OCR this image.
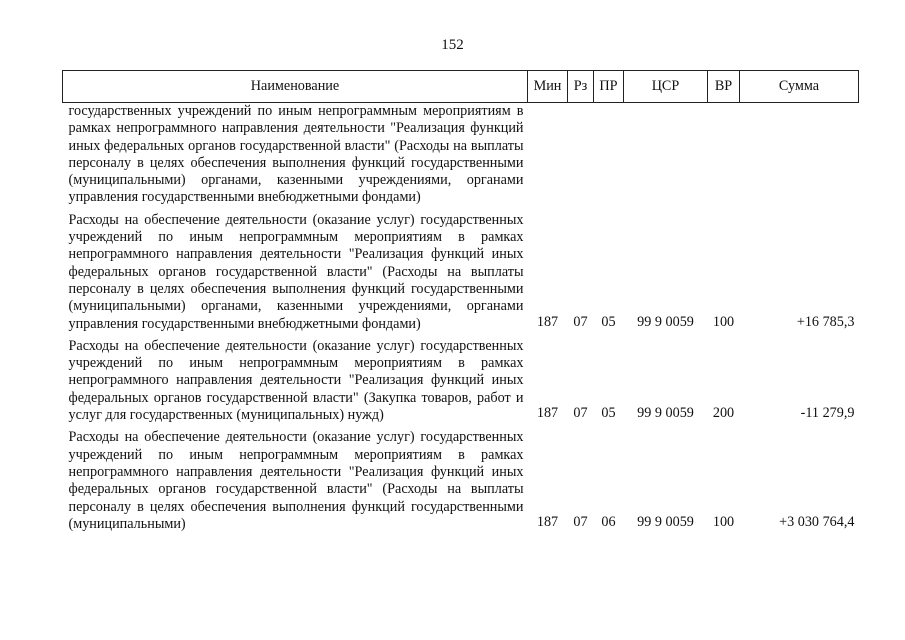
152
Наименование	Мин	Рз	ПР	ЦСР	ВР	Сумма
государственных учреждений по иным непрограммным мероприятиям в рамках непрограммного направления деятельности "Реализация функций иных федеральных органов государственной власти" (Расходы на выплаты персоналу в целях обеспечения выполнения функций государственными (муниципальными) органами, казенными учреждениями, органами управления государственными внебюджетными фондами)						

Расходы на обеспечение деятельности (оказание услуг) государственных учреждений по иным непрограммным мероприятиям в рамках непрограммного направления деятельности "Реализация функций иных федеральных органов государственной власти" (Расходы на выплаты персоналу в целях обеспечения выполнения функций государственными (муниципальными) органами, казенными учреждениями, органами управления государственными внебюджетными фондами)	187	07	05	99 9 0059	100	+16 785,3

Расходы на обеспечение деятельности (оказание услуг) государственных учреждений по иным непрограммным мероприятиям в рамках непрограммного направления деятельности "Реализация функций иных федеральных органов государственной власти" (Закупка товаров, работ и услуг для государственных (муниципальных) нужд)	187	07	05	99 9 0059	200	-11 279,9

Расходы на обеспечение деятельности (оказание услуг) государственных учреждений по иным непрограммным мероприятиям в рамках непрограммного направления деятельности "Реализация функций иных федеральных органов государственной власти" (Расходы на выплаты персоналу в целях обеспечения выполнения функций государственными (муниципальными)	187	07	06	99 9 0059	100	+3 030 764,4
